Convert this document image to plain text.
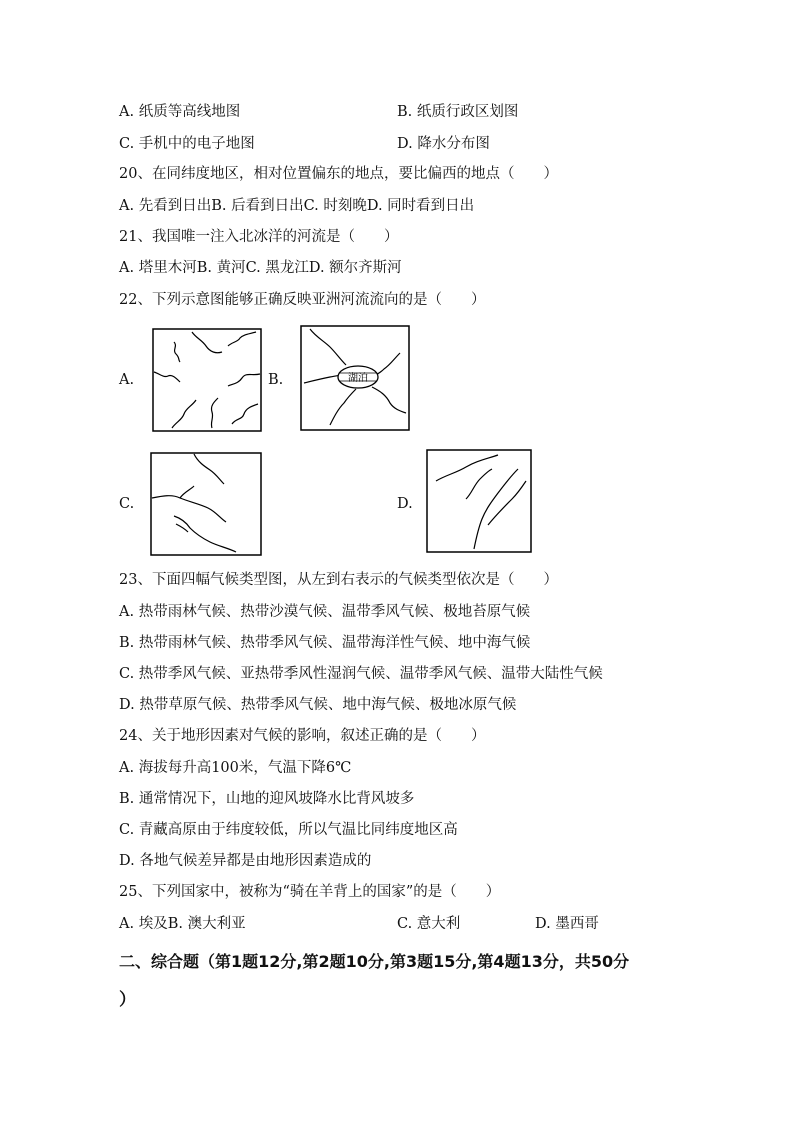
A. 纸质等高线地图	B. 纸质行政区划图
C. 手机中的电子地图	D. 降水分布图
20、在同纬度地区，相对位置偏东的地点，要比偏西的地点（　　）
A. 先看到日出B. 后看到日出C. 时刻晚D. 同时看到日出
21、我国唯一注入北冰洋的河流是（　　）
A. 塔里木河B. 黄河C. 黑龙江D. 额尔齐斯河
22、下列示意图能够正确反映亚洲河流流向的是（　　）
A.	B.	湖泊
C.	D.
23、下面四幅气候类型图，从左到右表示的气候类型依次是（　　）
A. 热带雨林气候、热带沙漠气候、温带季风气候、极地苔原气候
B. 热带雨林气候、热带季风气候、温带海洋性气候、地中海气候
C. 热带季风气候、亚热带季风性湿润气候、温带季风气候、温带大陆性气候
D. 热带草原气候、热带季风气候、地中海气候、极地冰原气候
24、关于地形因素对气候的影响，叙述正确的是（　　）
A. 海拔每升高100米，气温下降6℃
B. 通常情况下，山地的迎风坡降水比背风坡多
C. 青藏高原由于纬度较低，所以气温比同纬度地区高
D. 各地气候差异都是由地形因素造成的
25、下列国家中，被称为“骑在羊背上的国家”的是（　　）
A. 埃及B. 澳大利亚	C. 意大利	D. 墨西哥
二、综合题（第1题12分,第2题10分,第3题15分,第4题13分，共50分
）
